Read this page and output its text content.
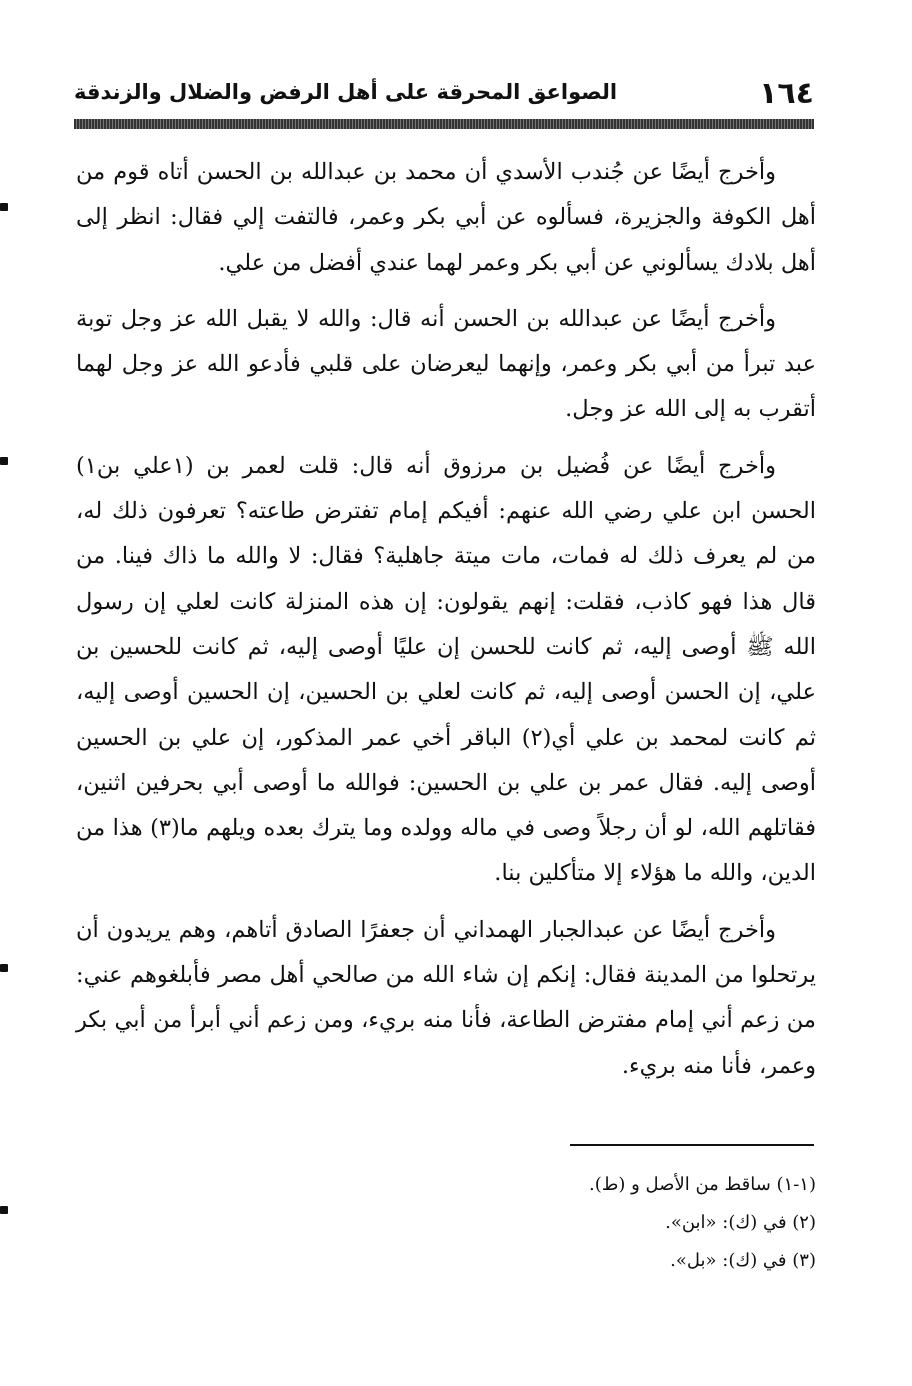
١٦٤
الصواعق المحرقة على أهل الرفض والضلال والزندقة

وأخرج أيضًا عن جُندب الأسدي أن محمد بن عبدالله بن الحسن أتاه قوم من أهل الكوفة والجزيرة، فسألوه عن أبي بكر وعمر، فالتفت إلي فقال: انظر إلى أهل بلادك يسألوني عن أبي بكر وعمر لهما عندي أفضل من علي.

وأخرج أيضًا عن عبدالله بن الحسن أنه قال: والله لا يقبل الله عز وجل توبة عبد تبرأ من أبي بكر وعمر، وإنهما ليعرضان على قلبي فأدعو الله عز وجل لهما أتقرب به إلى الله عز وجل.

وأخرج أيضًا عن فُضيل بن مرزوق أنه قال: قلت لعمر بن (١علي بن١) الحسن ابن علي رضي الله عنهم: أفيكم إمام تفترض طاعته؟ تعرفون ذلك له، من لم يعرف ذلك له فمات، مات ميتة جاهلية؟ فقال: لا والله ما ذاك فينا. من قال هذا فهو كاذب، فقلت: إنهم يقولون: إن هذه المنزلة كانت لعلي إن رسول الله ﷺ أوصى إليه، ثم كانت للحسن إن عليًا أوصى إليه، ثم كانت للحسين بن علي، إن الحسن أوصى إليه، ثم كانت لعلي بن الحسين، إن الحسين أوصى إليه، ثم كانت لمحمد بن علي أي(٢) الباقر أخي عمر المذكور، إن علي بن الحسين أوصى إليه. فقال عمر بن علي بن الحسين: فوالله ما أوصى أبي بحرفين اثنين، فقاتلهم الله، لو أن رجلاً وصى في ماله وولده وما يترك بعده ويلهم ما(٣) هذا من الدين، والله ما هؤلاء إلا متأكلين بنا.

وأخرج أيضًا عن عبدالجبار الهمداني أن جعفرًا الصادق أتاهم، وهم يريدون أن يرتحلوا من المدينة فقال: إنكم إن شاء الله من صالحي أهل مصر فأبلغوهم عني: من زعم أني إمام مفترض الطاعة، فأنا منه بريء، ومن زعم أني أبرأ من أبي بكر وعمر، فأنا منه بريء.

(١-١) ساقط من الأصل و (ط).

(٢) في (ك): «ابن».

(٣) في (ك): «بل».
